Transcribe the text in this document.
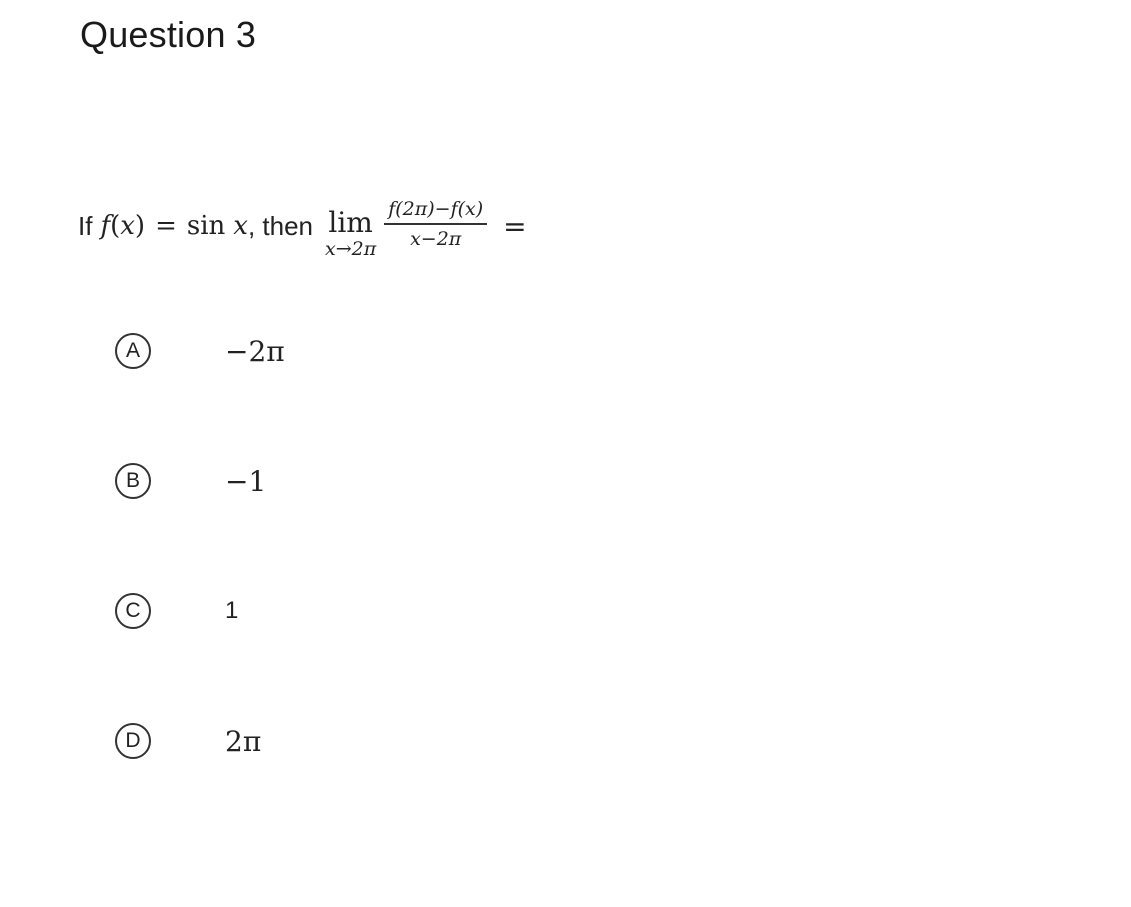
Question 3
If f ( x ) = sin x , then lim
$x\to 2\pi \frac{f(2\pi)-f(x)}{x-2\pi}$ =
A	−2π
B	−1
C	1
D	2π
